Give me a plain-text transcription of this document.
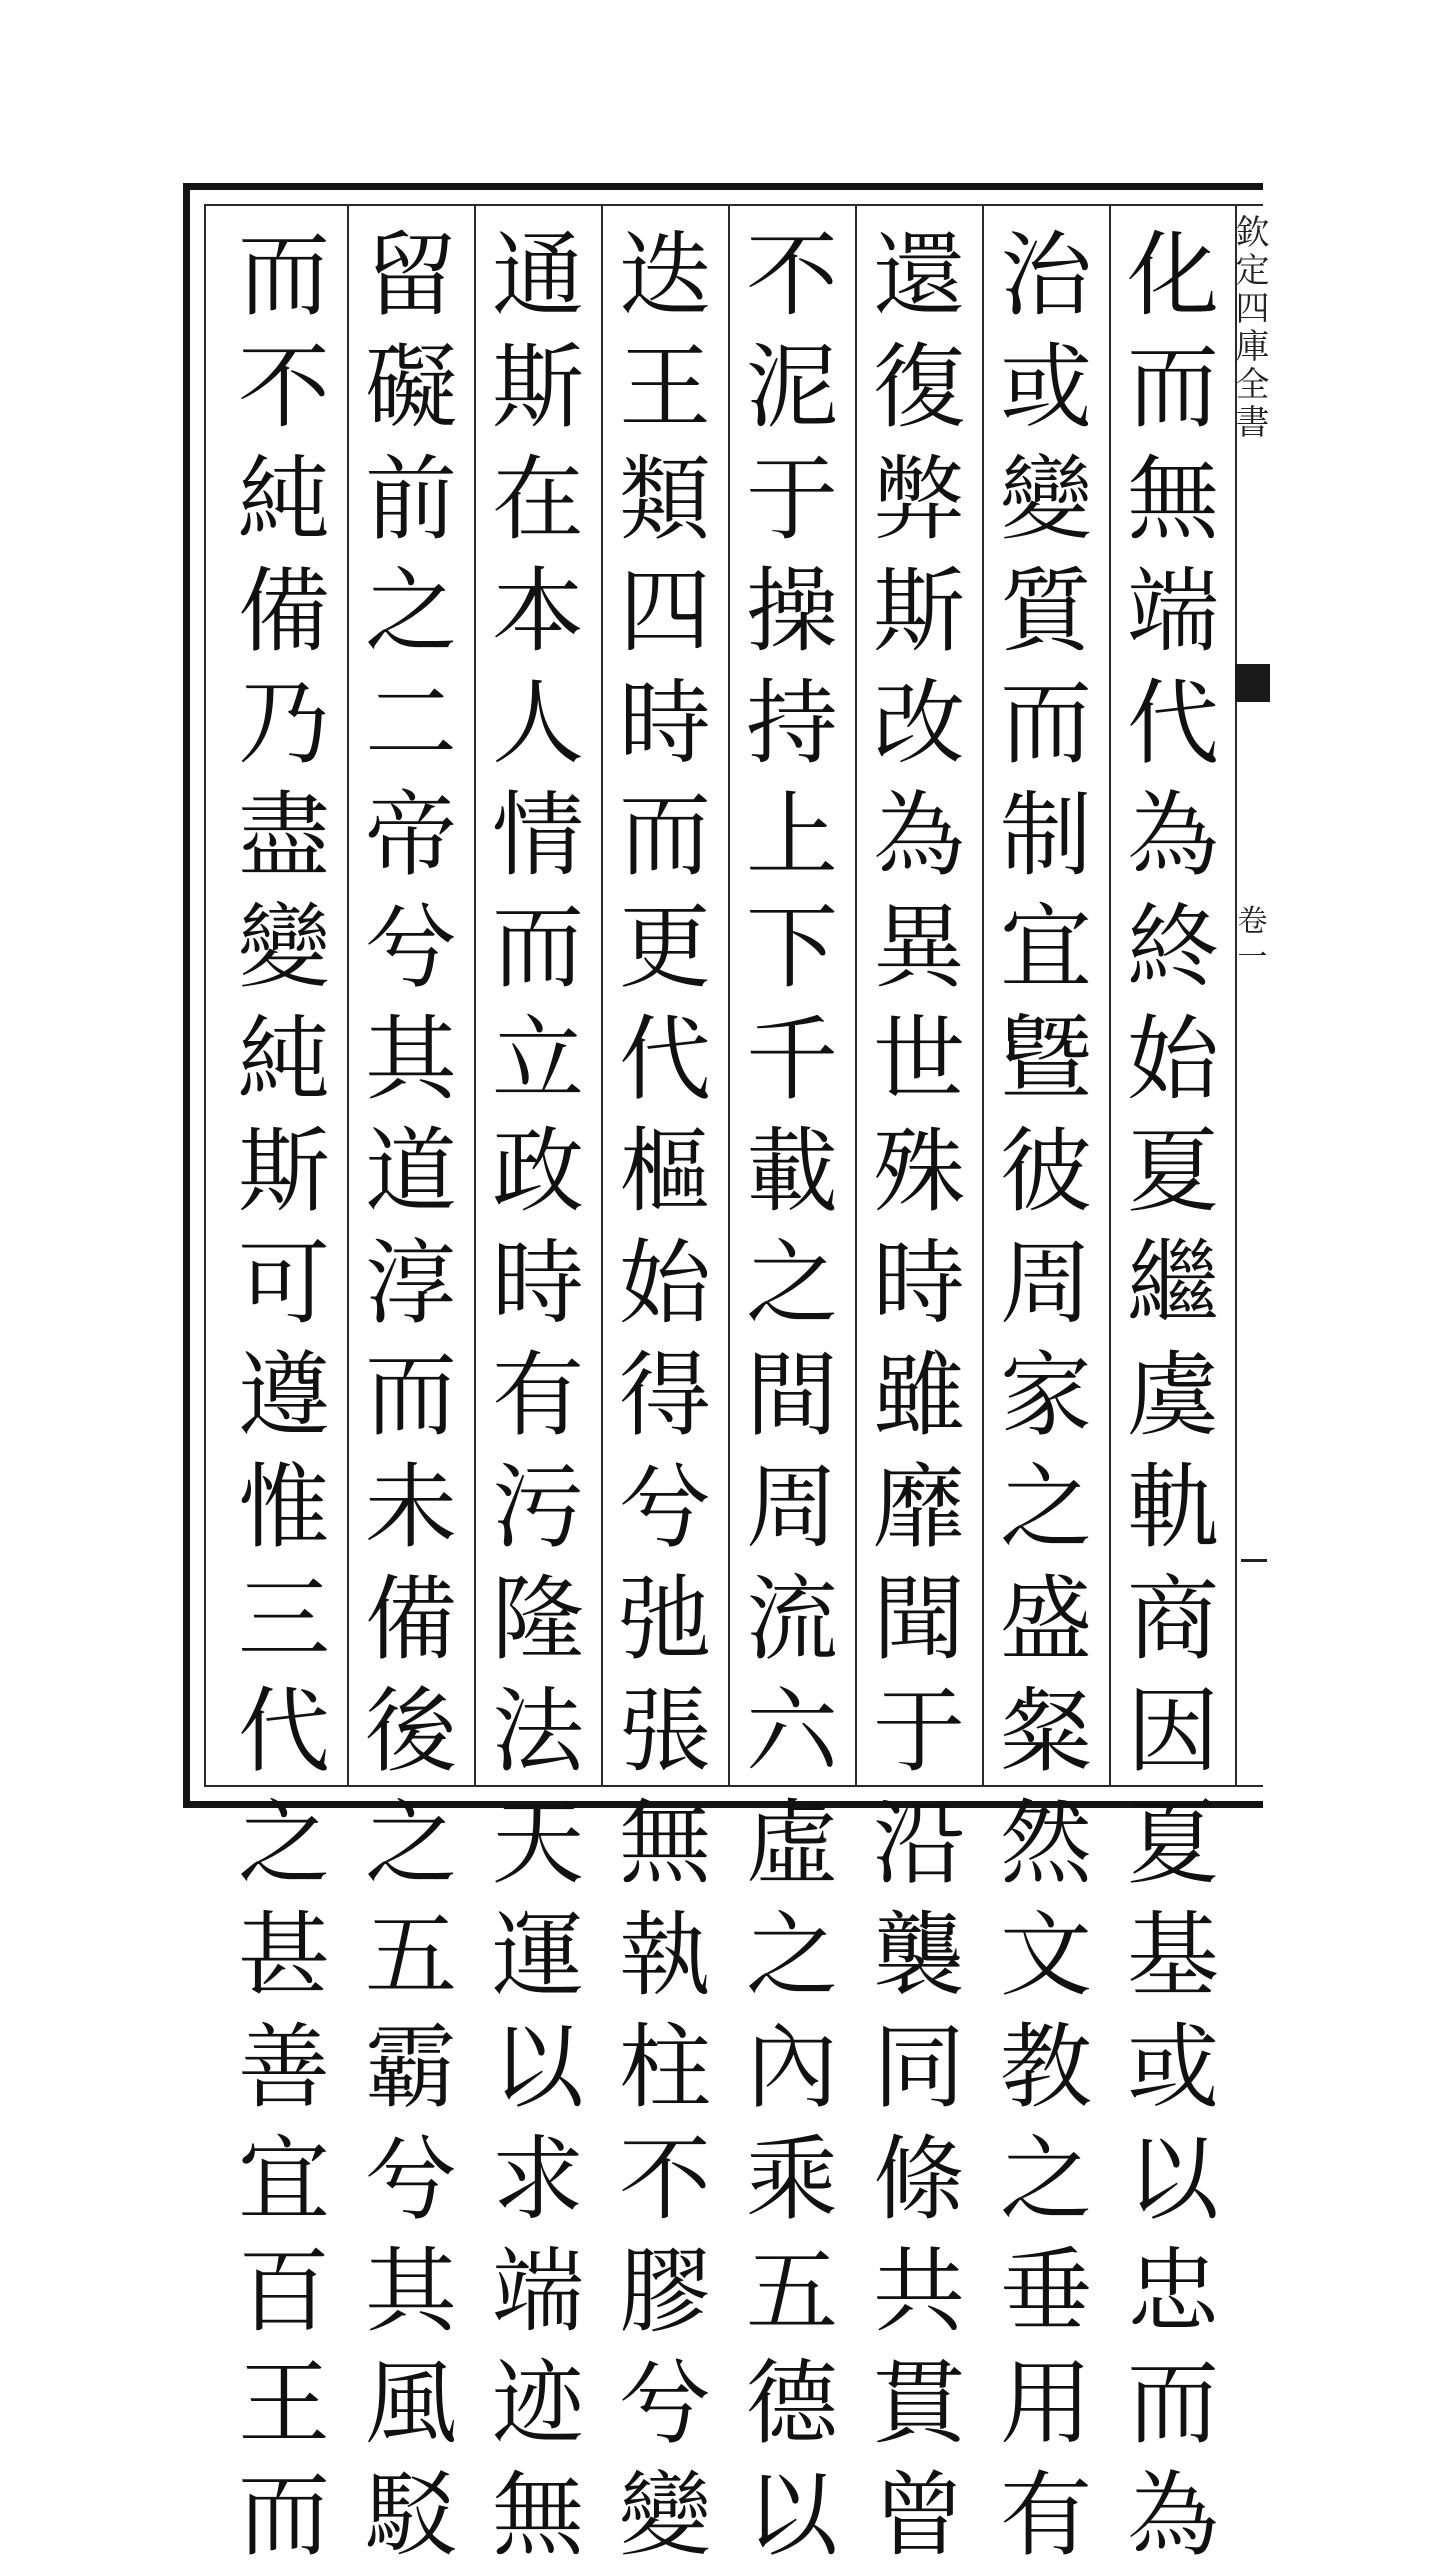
化而無端代為終始夏繼虞軌商因夏基或以忠而為
治或變質而制宜曁彼周家之盛粲然文教之垂用有
還復弊斯改為異世殊時雖靡聞于沿襲同條共貫曾
不泥于操持上下千載之間周流六虛之內乘五德以
迭王類四時而更代樞始得兮弛張無執柱不膠兮變
通斯在本人情而立政時有污隆法天運以求端迹無
留礙前之二帝兮其道淳而未備後之五霸兮其風駁
而不純備乃盡變純斯可遵惟三代之甚善宜百王而
欽定四庫全書
卷一
